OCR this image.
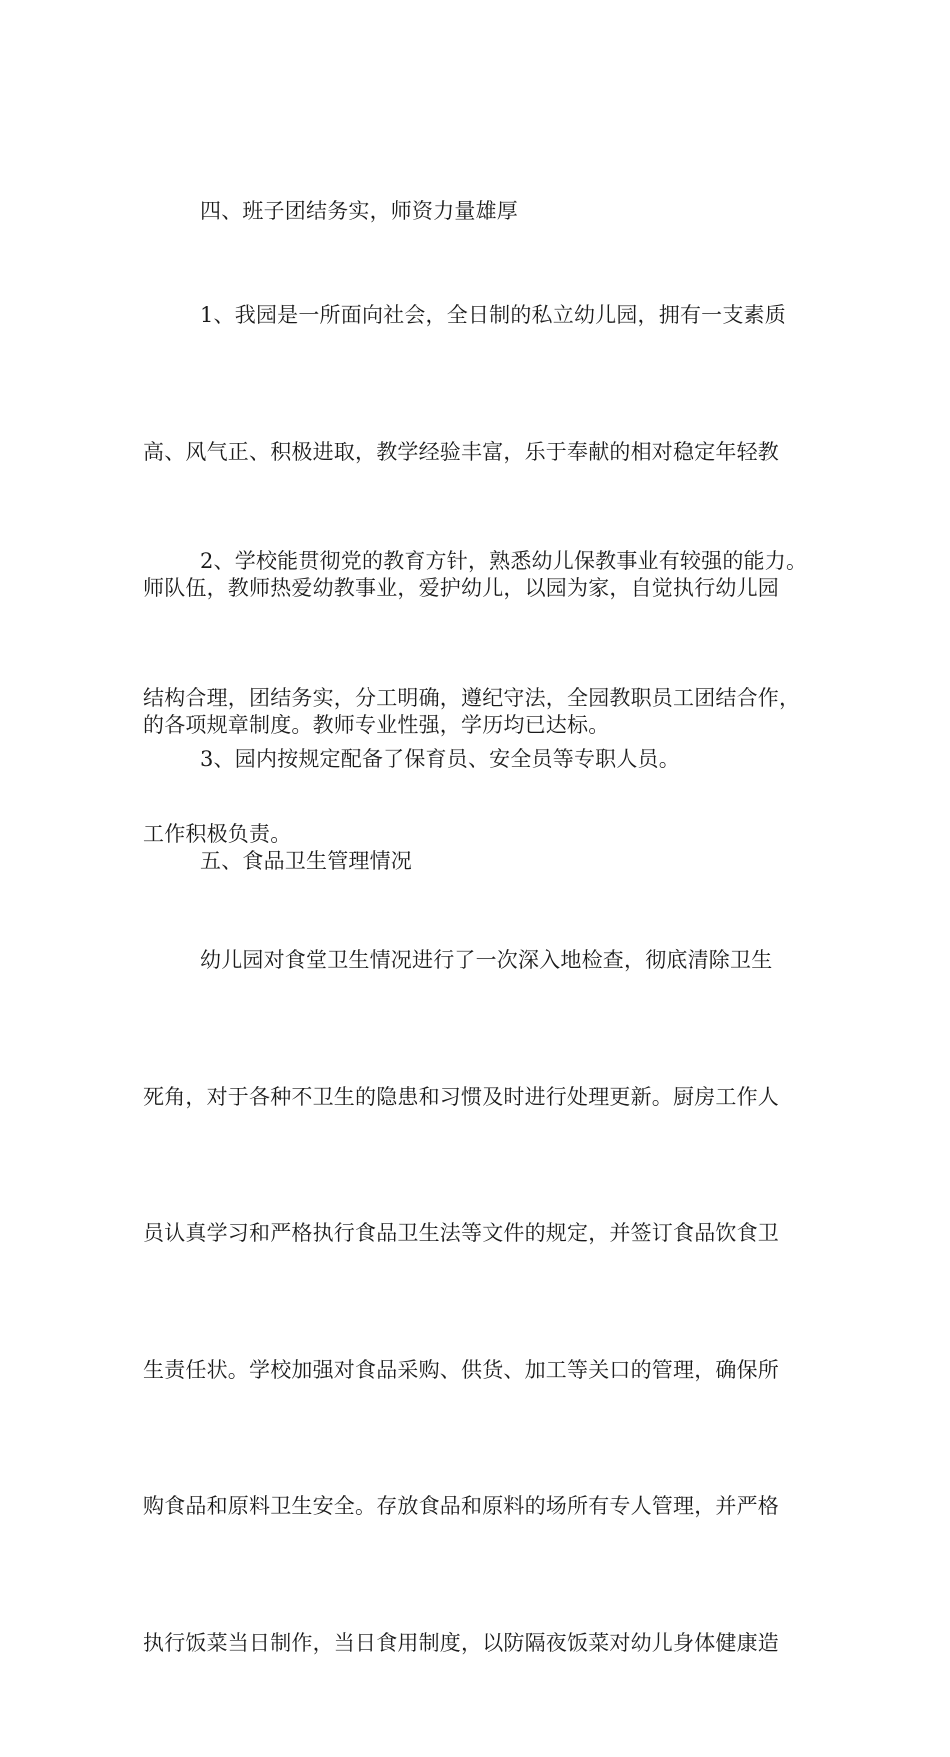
四、班子团结务实，师资力量雄厚

1、我园是一所面向社会，全日制的私立幼儿园，拥有一支素质

高、风气正、积极进取，教学经验丰富，乐于奉献的相对稳定年轻教

师队伍，教师热爱幼教事业，爱护幼儿，以园为家，自觉执行幼儿园

的各项规章制度。教师专业性强，学历均已达标。

2、学校能贯彻党的教育方针，熟悉幼儿保教事业有较强的能力。

结构合理，团结务实，分工明确，遵纪守法，全园教职员工团结合作，

工作积极负责。

3、园内按规定配备了保育员、安全员等专职人员。

五、食品卫生管理情况

幼儿园对食堂卫生情况进行了一次深入地检查，彻底清除卫生

死角，对于各种不卫生的隐患和习惯及时进行处理更新。厨房工作人

员认真学习和严格执行食品卫生法等文件的规定，并签订食品饮食卫

生责任状。学校加强对食品采购、供货、加工等关口的管理，确保所

购食品和原料卫生安全。存放食品和原料的场所有专人管理，并严格

执行饭菜当日制作，当日食用制度，以防隔夜饭菜对幼儿身体健康造
